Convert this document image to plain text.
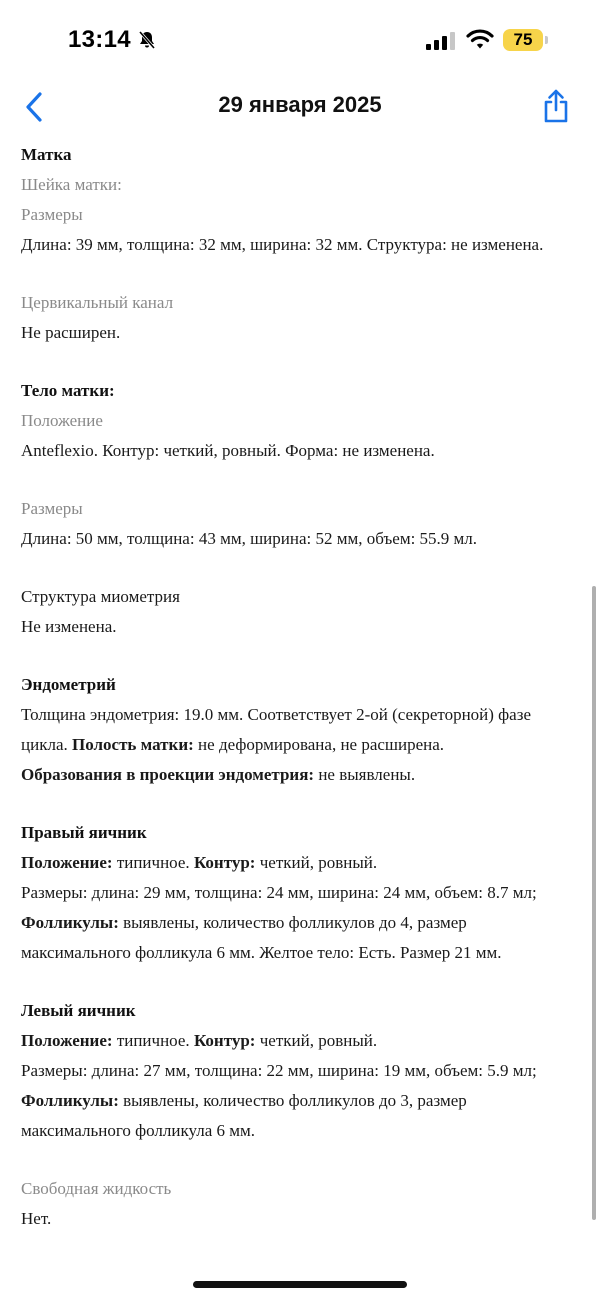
13:14	75
29 января 2025

Матка

Шейка матки:

Размеры

Длина: 39 мм, толщина: 32 мм, ширина: 32 мм. Структура: не изменена.

Цервикальный канал

Не расширен.

Тело матки:

Положение

Anteflexio. Контур: четкий, ровный. Форма: не изменена.

Размеры

Длина: 50 мм, толщина: 43 мм, ширина: 52 мм, объем: 55.9 мл.

Структура миометрия

Не изменена.

Эндометрий

Толщина эндометрия: 19.0 мм. Соответствует 2-ой (секреторной) фазе цикла. Полость матки: не деформирована, не расширена.
Образования в проекции эндометрия: не выявлены.

Правый яичник

Положение: типичное. Контур: четкий, ровный.

Размеры: длина: 29 мм, толщина: 24 мм, ширина: 24 мм, объем: 8.7 мл; Фолликулы: выявлены, количество фолликулов до 4, размер максимального фолликула 6 мм. Желтое тело: Есть. Размер 21 мм.

Левый яичник

Положение: типичное. Контур: четкий, ровный.

Размеры: длина: 27 мм, толщина: 22 мм, ширина: 19 мм, объем: 5.9 мл; Фолликулы: выявлены, количество фолликулов до 3, размер максимального фолликула 6 мм.

Свободная жидкость

Нет.
